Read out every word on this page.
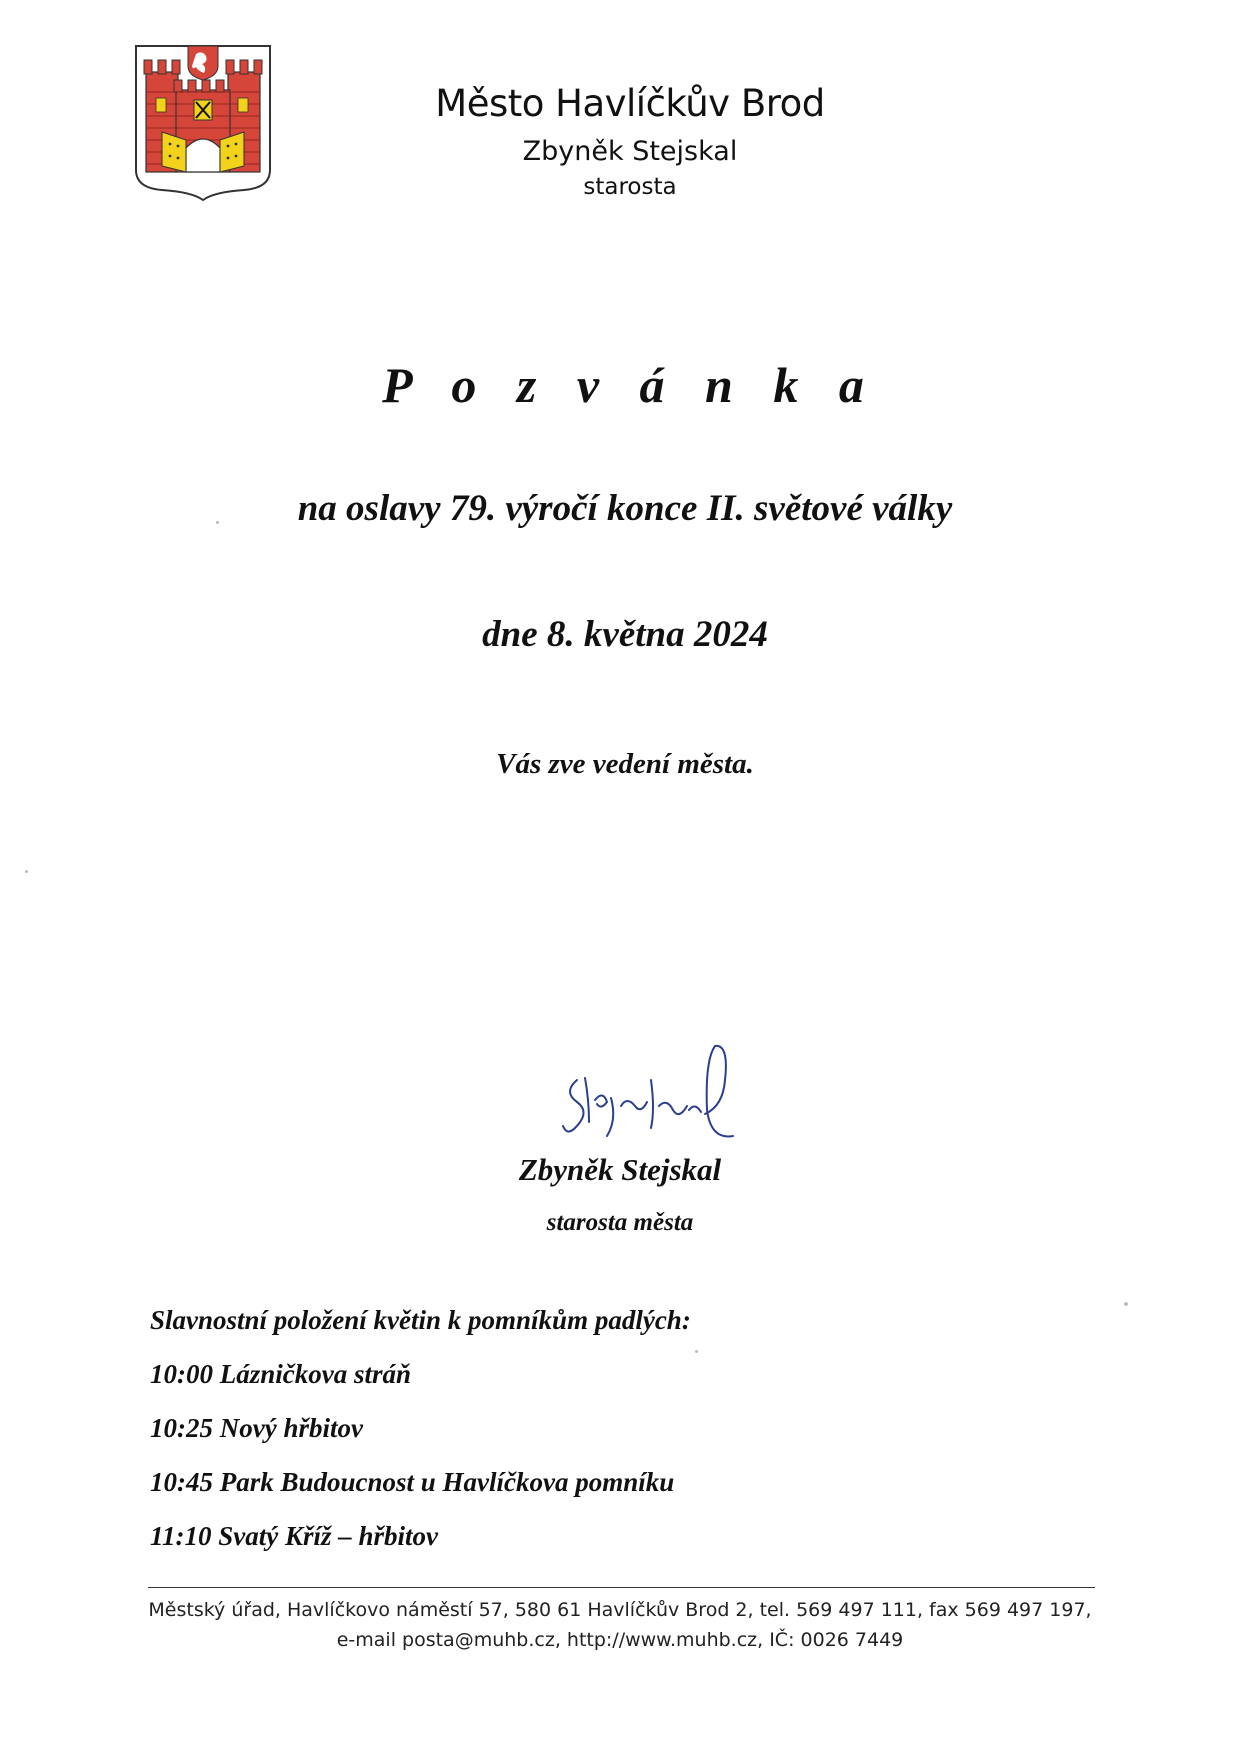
Město Havlíčkův Brod
Zbyněk Stejskal
starosta
P o z v á n k a
na oslavy 79. výročí konce II. světové války
dne 8. května 2024
Vás zve vedení města.
Zbyněk Stejskal
starosta města
Slavnostní položení květin k pomníkům padlých:
10:00 Lázničkova stráň
10:25 Nový hřbitov
10:45 Park Budoucnost u Havlíčkova pomníku
11:10 Svatý Kříž – hřbitov
Městský úřad, Havlíčkovo náměstí 57, 580 61 Havlíčkův Brod 2, tel. 569 497 111, fax 569 497 197,
e-mail posta@muhb.cz, http://www.muhb.cz, IČ: 0026 7449
